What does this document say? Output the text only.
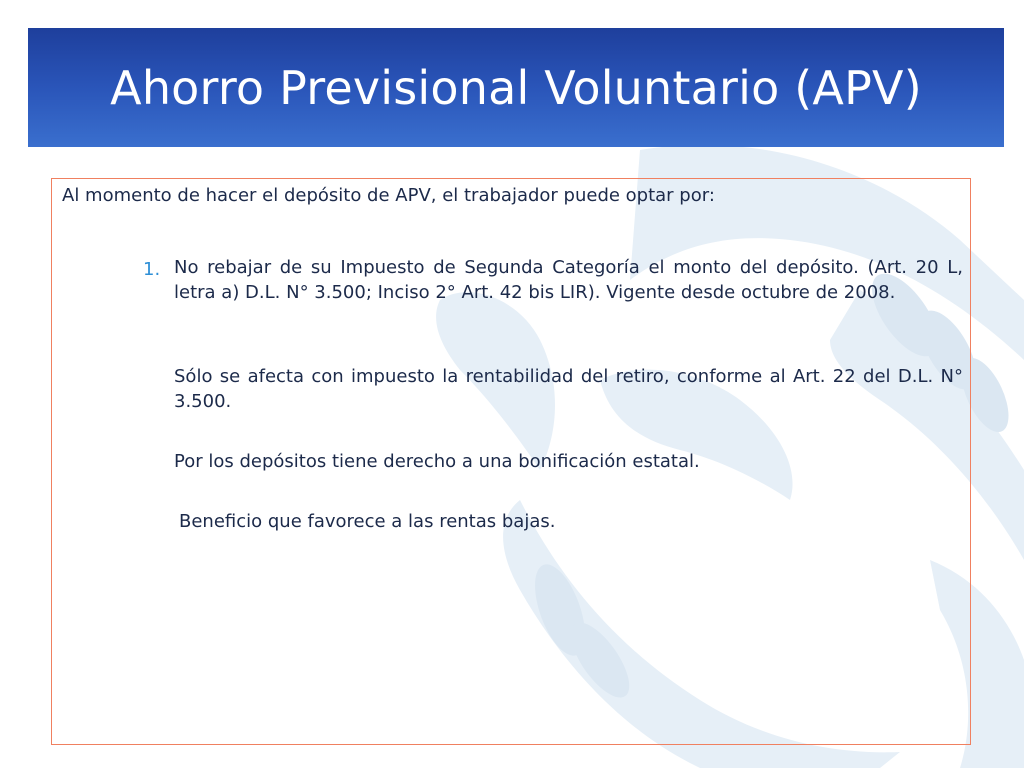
Ahorro Previsional Voluntario (APV)
Al momento de hacer el depósito de APV, el trabajador puede optar por:
1. No rebajar de su Impuesto de Segunda Categoría el monto del depósito. (Art. 20 L, letra a) D.L. N° 3.500; Inciso 2° Art. 42 bis LIR). Vigente desde octubre de 2008.
Sólo se afecta con impuesto la rentabilidad del retiro, conforme al Art. 22 del D.L. N° 3.500.
Por los depósitos tiene derecho a una bonificación estatal.
Beneficio que favorece a las rentas bajas.
